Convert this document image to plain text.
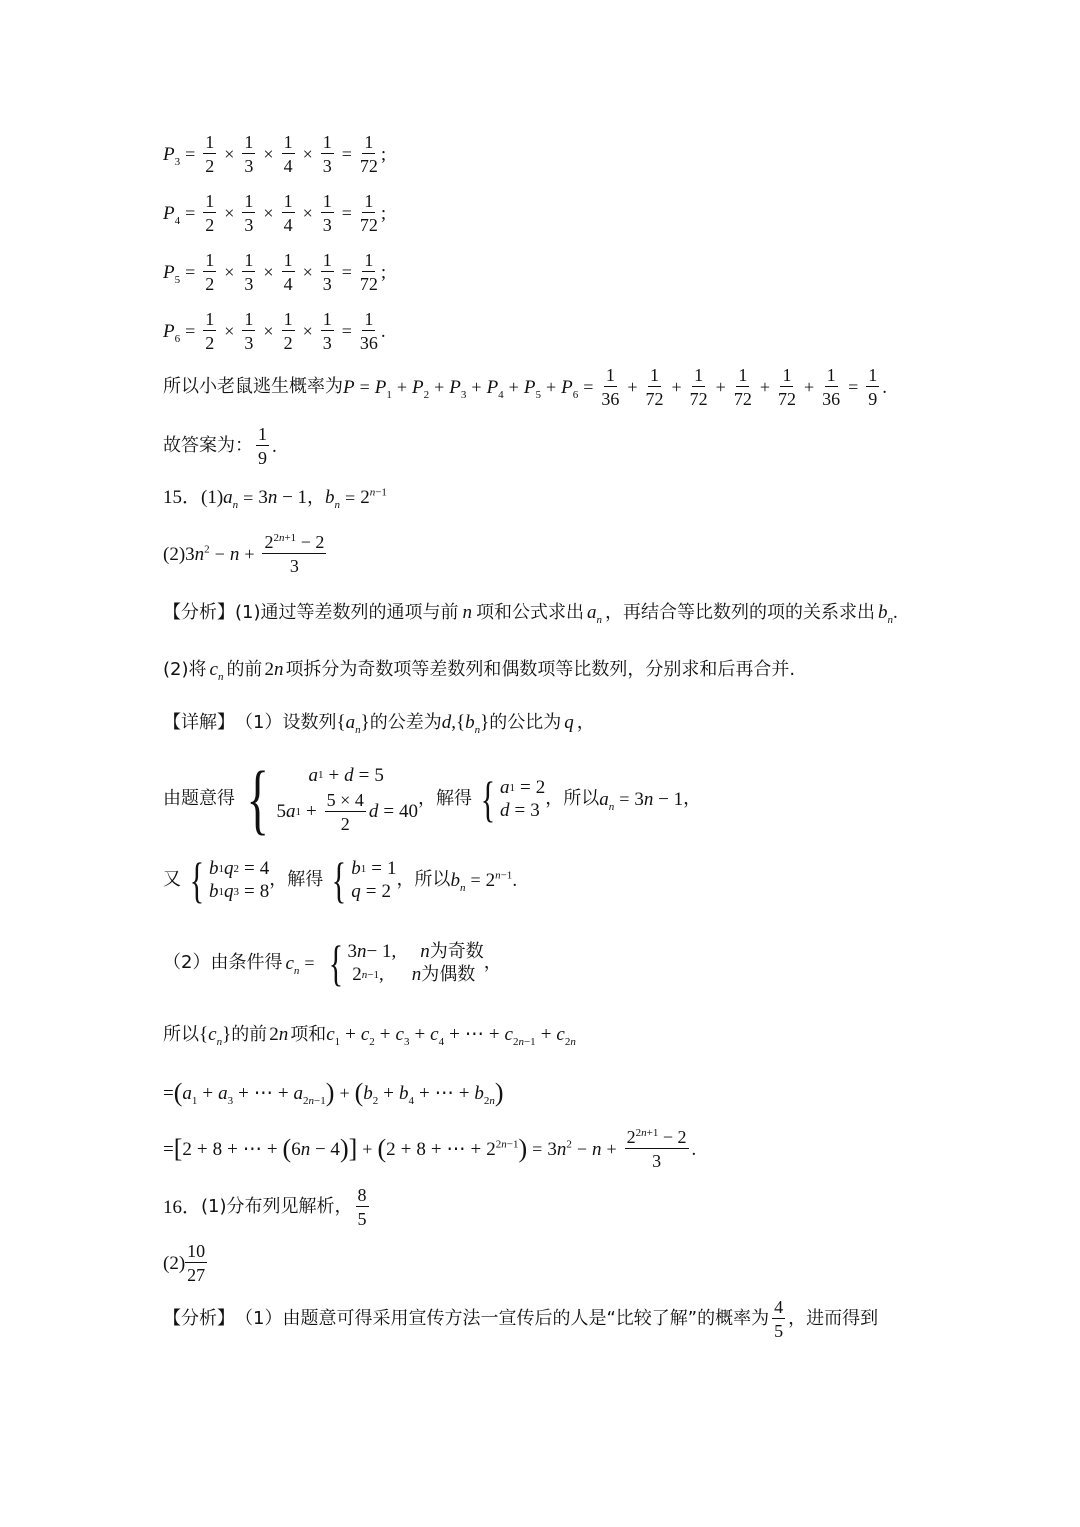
$P_3 = \frac{1}{2} \times \frac{1}{3} \times \frac{1}{4} \times \frac{1}{3} = \frac{1}{72}$ ;
$P_4 = \frac{1}{2} \times \frac{1}{3} \times \frac{1}{4} \times \frac{1}{3} = \frac{1}{72}$ ;
$P_5 = \frac{1}{2} \times \frac{1}{3} \times \frac{1}{4} \times \frac{1}{3} = \frac{1}{72}$ ;
$P_6 = \frac{1}{2} \times \frac{1}{3} \times \frac{1}{2} \times \frac{1}{3} = \frac{1}{36}$ .
所以小老鼠逃生概率为 $P = P_1 + P_2 + P_3 + P_4 + P_5 + P_6 = \frac{1}{36} + \frac{1}{72} + \frac{1}{72} + \frac{1}{72} + \frac{1}{72} + \frac{1}{36} = \frac{1}{9}$ .
故答案为： $\frac{1}{9}$ .
15． (1) $a_n = 3n - 1$ ， $b_n = 2^{n-1}$
(2) $3n^2 - n + \frac{2^{2n+1} - 2}{3}$
【分析】 (1)通过等差数列的通项与前 n 项和公式求出 $a_n$ ，再结合等比数列的项的关系求出 $b_n$.
(2)将 $c_n$ 的前 2n 项拆分为奇数项等差数列和偶数项等比数列，分别求和后再合并.
【详解】 （1）设数列 $\{a_n\}$ 的公差为 $d,\{b_n\}$ 的公比为 q ，
由题意得 { a 1 + d = 5
5 a $1 + \frac{5 \times 4}{2}$ d = 40
，解得 { a 1 = 2
d = 3
，所以 $a_n = 3n - 1$ ，
又 { b 1 q 2 = 4
b 1 q 3 = 8
，解得 { b 1 = 1
q = 2
，所以 $b_n = 2^{n-1}$.
（2）由条件得 $c_n$ = { 3 n − 1, n 为奇数
2 n−1 , n 为偶数
，
所以 $\{c_n\}$ 的前 2n 项和 $c_1 + c_2 + c_3 + c_4$ + ⋯ + $c_{2n-1} + c_{2n}$
= ( $a_1 + a_3$ + ⋯ + $a_{2n-1}$ ) + ( $b_2 + b_4$ + ⋯ + $b_{2n}$ )
= [ 2 + 8 + ⋯ + ( 6n − 4 ) ] + ( 2 + 8 + ⋯ + $2^{2n-1}$ ) = $3n^2 - n + \frac{2^{2n+1} - 2}{3}$ .
16． (1)分布列见解析， $\frac{8}{5}$
$(2) \frac{10}{27}$
【分析】 （1）由题意可得采用宣传方法一宣传后的人是“比较了解”的概率为 $\frac{4}{5}$ ，进而得到
